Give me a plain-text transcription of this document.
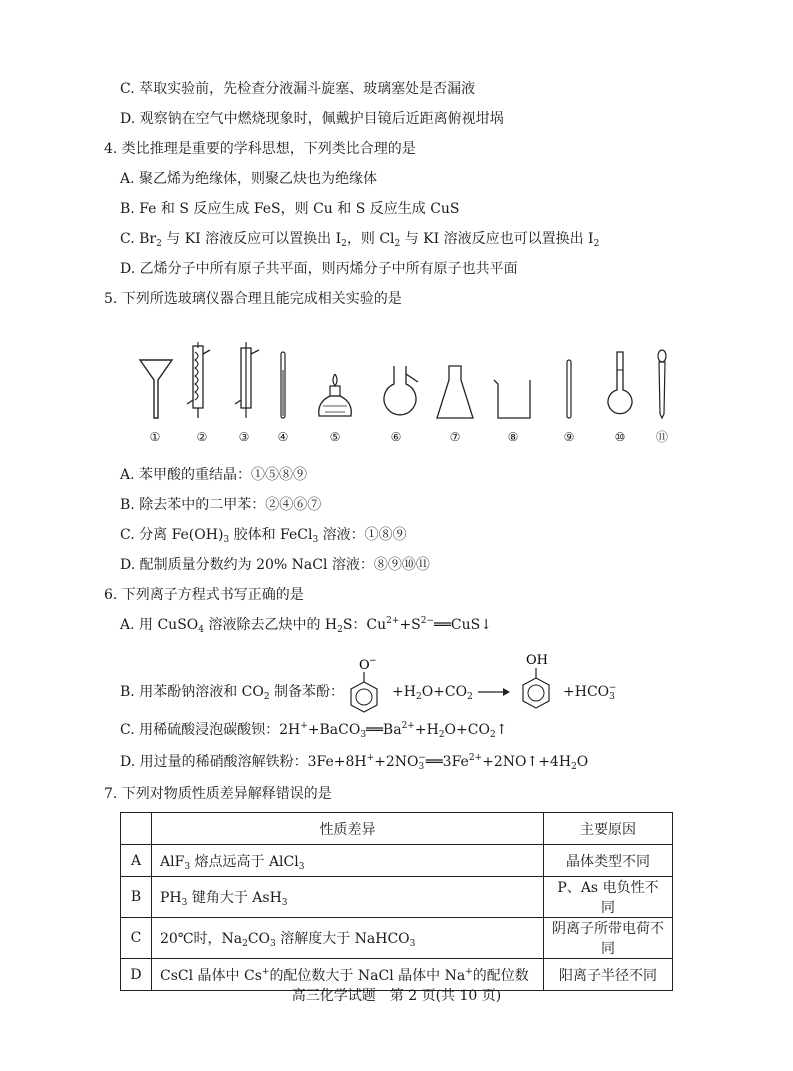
C. 萃取实验前，先检查分液漏斗旋塞、玻璃塞处是否漏液
D. 观察钠在空气中燃烧现象时，佩戴护目镜后近距离俯视坩埚
4. 类比推理是重要的学科思想，下列类比合理的是
A. 聚乙烯为绝缘体，则聚乙炔也为绝缘体
B. Fe 和 S 反应生成 FeS，则 Cu 和 S 反应生成 CuS
C. $Br_2$ 与 KI 溶液反应可以置换出 $I_2$，则 $Cl_2$ 与 KI 溶液反应也可以置换出 $I_2$
D. 乙烯分子中所有原子共平面，则丙烯分子中所有原子也共平面
5. 下列所选玻璃仪器合理且能完成相关实验的是
①	②	③	④	⑤	⑥	⑦	⑧	⑨	⑩	⑪
A. 苯甲酸的重结晶：①⑤⑧⑨
B. 除去苯中的二甲苯：②④⑥⑦
C. 分离 $Fe(OH)_3$ 胶体和 FeCl$_3$ 溶液：①⑧⑨
D. 配制质量分数约为 20% NaCl 溶液：⑧⑨⑩⑪
6. 下列离子方程式书写正确的是
A. 用 CuSO$_4$ 溶液除去乙炔中的 $H_2S$：$Cu^{2+}+S^{2-}══CuS↓$
B. 用苯酚钠溶液和 $CO_2$ 制备苯酚：
O −
$+H_2O+CO_2$ →
OH
$+HCO_3^-$
C. 用稀硫酸浸泡碳酸钡：$2H^++BaCO_3══Ba^{2+}+H_2O+CO_2↑$
D. 用过量的稀硝酸溶解铁粉：$3Fe+8H^++2NO_3^-══3Fe^{2+}+2NO↑+4H_2O$
7. 下列对物质性质差异解释错误的是
	性质差异	主要原因
A	AlF$_3$ 熔点远高于 AlCl$_3$	晶体类型不同
B	$PH_3$ 键角大于 AsH$_3$	P、As 电负性不同
C	20℃时，$Na_2CO_3$ 溶解度大于 NaHCO$_3$	阴离子所带电荷不同
D	CsCl 晶体中 Cs+的配位数大于 NaCl 晶体中 Na+的配位数	阳离子半径不同
高三化学试题　第 2 页(共 10 页)
